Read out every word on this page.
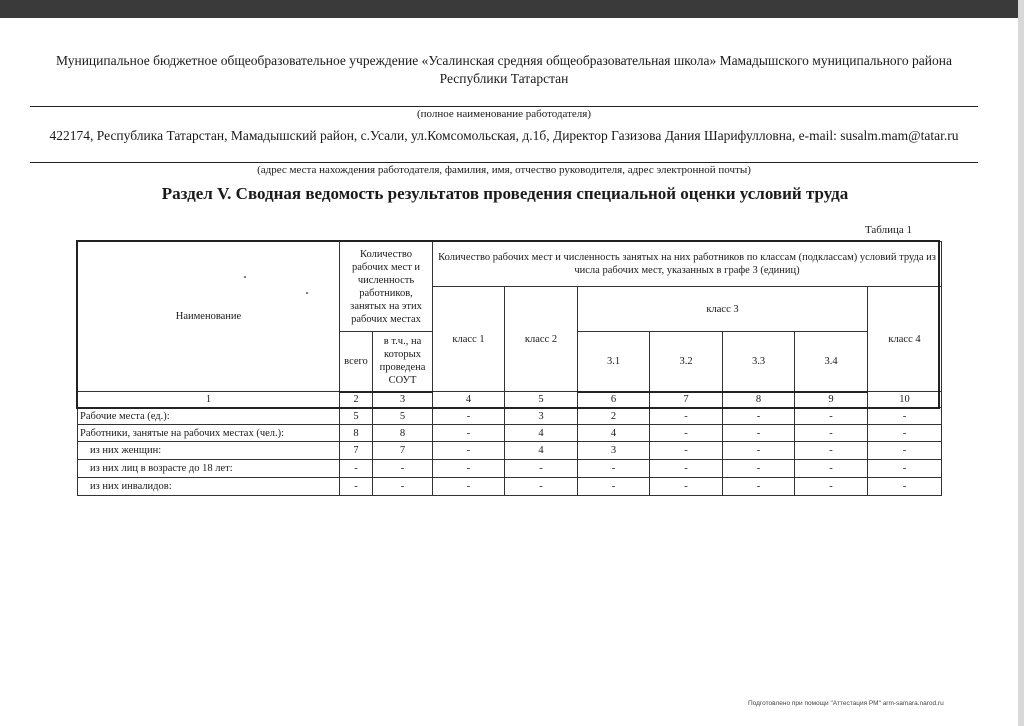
Муниципальное бюджетное общеобразовательное учреждение «Усалинская средняя общеобразовательная школа» Мамадышского муниципального района Республики Татарстан
(полное наименование работодателя)
422174, Республика Татарстан, Мамадышский район, с.Усали, ул.Комсомольская, д.1б, Директор Газизова Дания Шарифулловна, e-mail: susalm.mam@tatar.ru
(адрес места нахождения работодателя, фамилия, имя, отчество руководителя, адрес электронной почты)
Раздел V. Сводная ведомость результатов проведения специальной оценки условий труда
Таблица 1
Наименование	Количество рабочих мест и численность работников, занятых на этих рабочих местах		Количество рабочих мест и численность занятых на них работников по классам (подклассам) условий труда из числа рабочих мест, указанных в графе 3 (единиц)						
			класс 1	класс 2	класс 3				класс 4
	всего	в т.ч., на которых проведена СОУТ			3.1	3.2	3.3	3.4	
1	2	3	4	5	6	7	8	9	10
Рабочие места (ед.):	5	5	-	3	2	-	-	-	-
Работники, занятые на рабочих местах (чел.):	8	8	-	4	4	-	-	-	-
из них женщин:	7	7	-	4	3	-	-	-	-
из них лиц в возрасте до 18 лет:	-	-	-	-	-	-	-	-	-
из них инвалидов:	-	-	-	-	-	-	-	-	-
Подготовлено при помощи "Аттестация РМ" arm-samara.narod.ru
